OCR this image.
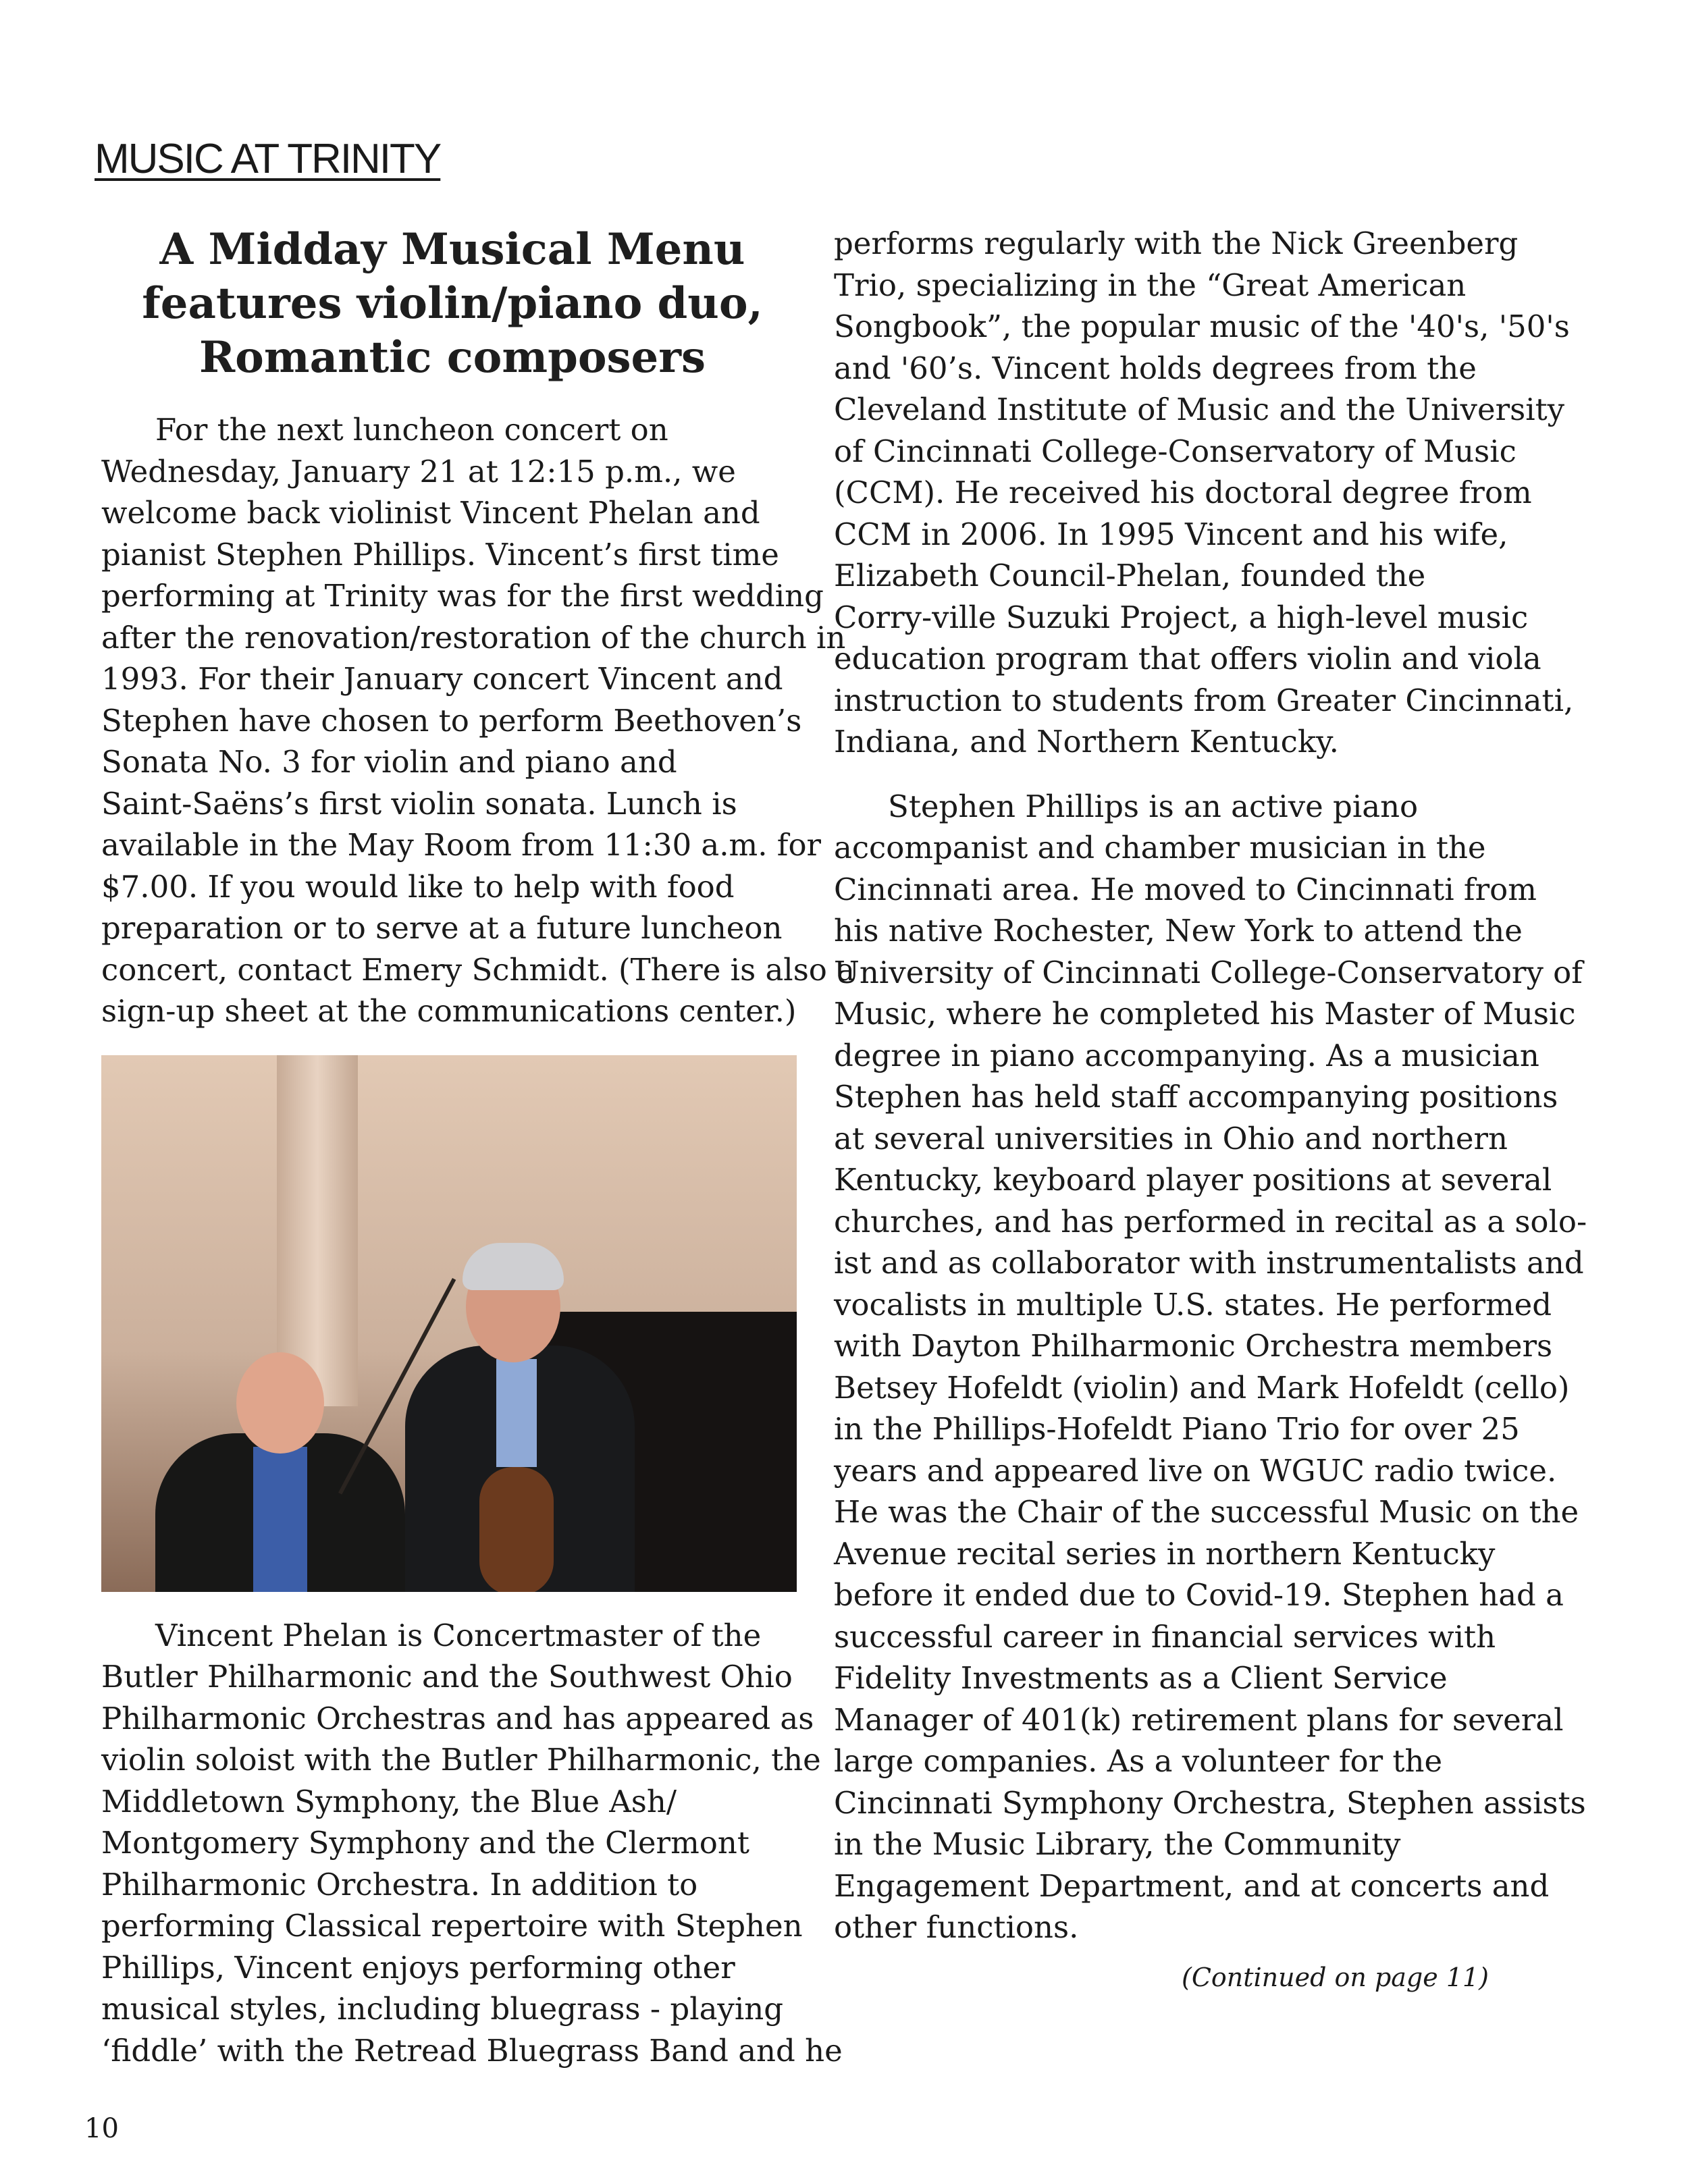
MUSIC AT TRINITY
A Midday Musical Menu
features violin/piano duo,
Romantic composers

For the next luncheon concert on
Wednesday, January 21 at 12:15 p.m., we
welcome back violinist Vincent Phelan and
pianist Stephen Phillips. Vincent’s first time
performing at Trinity was for the first wedding
after the renovation/restoration of the church in
1993. For their January concert Vincent and
Stephen have chosen to perform Beethoven’s
Sonata No. 3 for violin and piano and
Saint-Saëns’s first violin sonata. Lunch is
available in the May Room from 11:30 a.m. for
$7.00. If you would like to help with food
preparation or to serve at a future luncheon
concert, contact Emery Schmidt. (There is also a
sign-up sheet at the communications center.)

Vincent Phelan is Concertmaster of the
Butler Philharmonic and the Southwest Ohio
Philharmonic Orchestras and has appeared as
violin soloist with the Butler Philharmonic, the
Middletown Symphony, the Blue Ash/
Montgomery Symphony and the Clermont
Philharmonic Orchestra. In addition to
performing Classical repertoire with Stephen
Phillips, Vincent enjoys performing other
musical styles, including bluegrass - playing
‘fiddle’ with the Retread Bluegrass Band and he

performs regularly with the Nick Greenberg
Trio, specializing in the “Great American
Songbook”, the popular music of the '40's, '50's
and '60’s. Vincent holds degrees from the
Cleveland Institute of Music and the University
of Cincinnati College-Conservatory of Music
(CCM). He received his doctoral degree from
CCM in 2006. In 1995 Vincent and his wife,
Elizabeth Council-Phelan, founded the
Corry-ville Suzuki Project, a high-level music
education program that offers violin and viola
instruction to students from Greater Cincinnati,
Indiana, and Northern Kentucky.

Stephen Phillips is an active piano
accompanist and chamber musician in the
Cincinnati area. He moved to Cincinnati from
his native Rochester, New York to attend the
University of Cincinnati College-Conservatory of
Music, where he completed his Master of Music
degree in piano accompanying. As a musician
Stephen has held staff accompanying positions
at several universities in Ohio and northern
Kentucky, keyboard player positions at several
churches, and has performed in recital as a solo-
ist and as collaborator with instrumentalists and
vocalists in multiple U.S. states. He performed
with Dayton Philharmonic Orchestra members
Betsey Hofeldt (violin) and Mark Hofeldt (cello)
in the Phillips-Hofeldt Piano Trio for over 25
years and appeared live on WGUC radio twice.
He was the Chair of the successful Music on the
Avenue recital series in northern Kentucky
before it ended due to Covid-19. Stephen had a
successful career in financial services with
Fidelity Investments as a Client Service
Manager of 401(k) retirement plans for several
large companies. As a volunteer for the
Cincinnati Symphony Orchestra, Stephen assists
in the Music Library, the Community
Engagement Department, and at concerts and
other functions.

(Continued on page 11)

10
